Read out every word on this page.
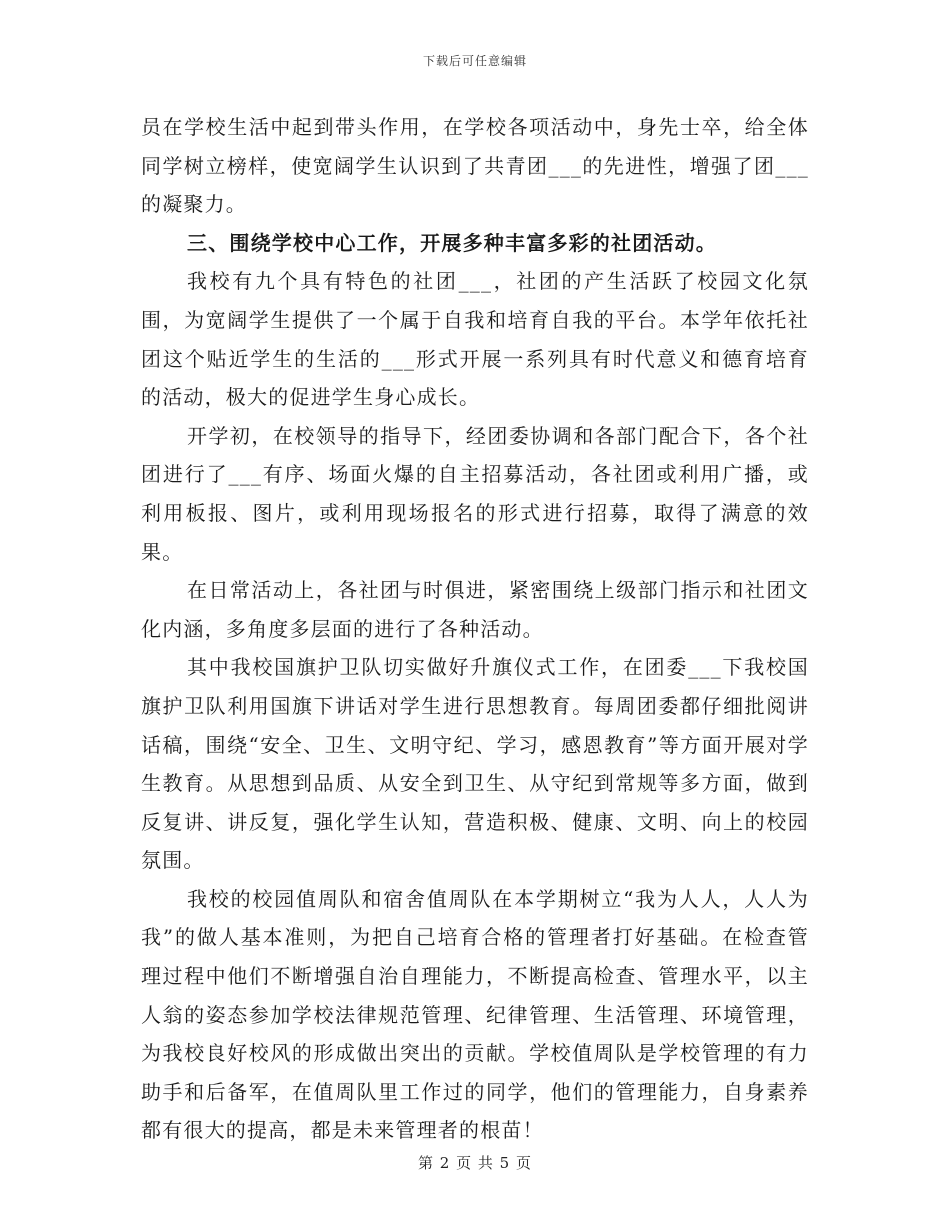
下载后可任意编辑

员在学校生活中起到带头作用，在学校各项活动中，身先士卒，给全体同学树立榜样，使宽阔学生认识到了共青团___的先进性，增强了团___的凝聚力。

三、围绕学校中心工作，开展多种丰富多彩的社团活动。

我校有九个具有特色的社团___，社团的产生活跃了校园文化氛围，为宽阔学生提供了一个属于自我和培育自我的平台。本学年依托社团这个贴近学生的生活的___形式开展一系列具有时代意义和德育培育的活动，极大的促进学生身心成长。

开学初，在校领导的指导下，经团委协调和各部门配合下，各个社团进行了___有序、场面火爆的自主招募活动，各社团或利用广播，或利用板报、图片，或利用现场报名的形式进行招募，取得了满意的效果。

在日常活动上，各社团与时俱进，紧密围绕上级部门指示和社团文化内涵，多角度多层面的进行了各种活动。

其中我校国旗护卫队切实做好升旗仪式工作，在团委___下我校国旗护卫队利用国旗下讲话对学生进行思想教育。每周团委都仔细批阅讲话稿，围绕“安全、卫生、文明守纪、学习，感恩教育”等方面开展对学生教育。从思想到品质、从安全到卫生、从守纪到常规等多方面，做到反复讲、讲反复，强化学生认知，营造积极、健康、文明、向上的校园氛围。

我校的校园值周队和宿舍值周队在本学期树立“我为人人，人人为我”的做人基本准则，为把自己培育合格的管理者打好基础。在检查管理过程中他们不断增强自治自理能力，不断提高检查、管理水平，以主人翁的姿态参加学校法律规范管理、纪律管理、生活管理、环境管理，为我校良好校风的形成做出突出的贡献。学校值周队是学校管理的有力助手和后备军，在值周队里工作过的同学，他们的管理能力，自身素养都有很大的提高，都是未来管理者的根苗！

第 2 页 共 5 页
